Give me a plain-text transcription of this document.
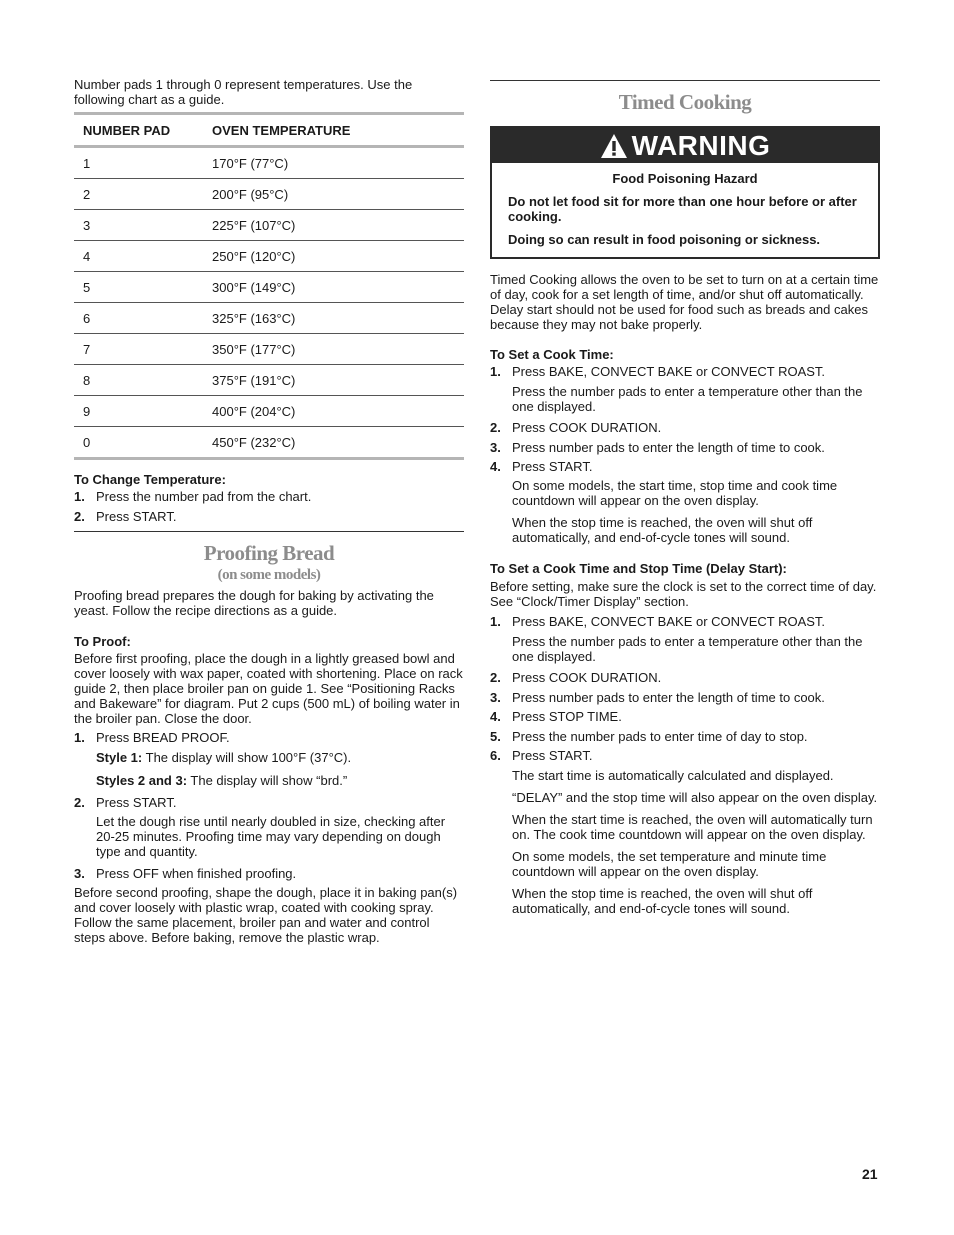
Number pads 1 through 0 represent temperatures. Use the following chart as a guide.

NUMBER PAD	OVEN TEMPERATURE
1	170°F (77°C)
2	200°F (95°C)
3	225°F (107°C)
4	250°F (120°C)
5	300°F (149°C)
6	325°F (163°C)
7	350°F (177°C)
8	375°F (191°C)
9	400°F (204°C)
0	450°F (232°C)

To Change Temperature:

1. Press the number pad from the chart.
2. Press START.
Proofing Bread
(on some models)

Proofing bread prepares the dough for baking by activating the yeast. Follow the recipe directions as a guide.

To Proof:

Before first proofing, place the dough in a lightly greased bowl and cover loosely with wax paper, coated with shortening. Place on rack guide 2, then place broiler pan on guide 1. See “Positioning Racks and Bakeware” for diagram. Put 2 cups (500 mL) of boiling water in the broiler pan. Close the door.

1. Press BREAD PROOF.

Style 1: The display will show 100°F (37°C).

Styles 2 and 3: The display will show “brd.”

2. Press START.

Let the dough rise until nearly doubled in size, checking after 20-25 minutes. Proofing time may vary depending on dough type and quantity.

3. Press OFF when finished proofing.

Before second proofing, shape the dough, place it in baking pan(s) and cover loosely with plastic wrap, coated with cooking spray. Follow the same placement, broiler pan and water and control steps above. Before baking, remove the plastic wrap.

Timed Cooking
WARNING

Food Poisoning Hazard

Do not let food sit for more than one hour before or after cooking.

Doing so can result in food poisoning or sickness.

Timed Cooking allows the oven to be set to turn on at a certain time of day, cook for a set length of time, and/or shut off automatically. Delay start should not be used for food such as breads and cakes because they may not bake properly.

To Set a Cook Time:

1. Press BAKE, CONVECT BAKE or CONVECT ROAST.

Press the number pads to enter a temperature other than the one displayed.

2. Press COOK DURATION.
3. Press number pads to enter the length of time to cook.
4. Press START.

On some models, the start time, stop time and cook time countdown will appear on the oven display.

When the stop time is reached, the oven will shut off automatically, and end-of-cycle tones will sound.

To Set a Cook Time and Stop Time (Delay Start):

Before setting, make sure the clock is set to the correct time of day. See “Clock/Timer Display” section.

1. Press BAKE, CONVECT BAKE or CONVECT ROAST.

Press the number pads to enter a temperature other than the one displayed.

2. Press COOK DURATION.
3. Press number pads to enter the length of time to cook.
4. Press STOP TIME.
5. Press the number pads to enter time of day to stop.
6. Press START.

The start time is automatically calculated and displayed.

“DELAY” and the stop time will also appear on the oven display.

When the start time is reached, the oven will automatically turn on. The cook time countdown will appear on the oven display.

On some models, the set temperature and minute time countdown will appear on the oven display.

When the stop time is reached, the oven will shut off automatically, and end-of-cycle tones will sound.

21
